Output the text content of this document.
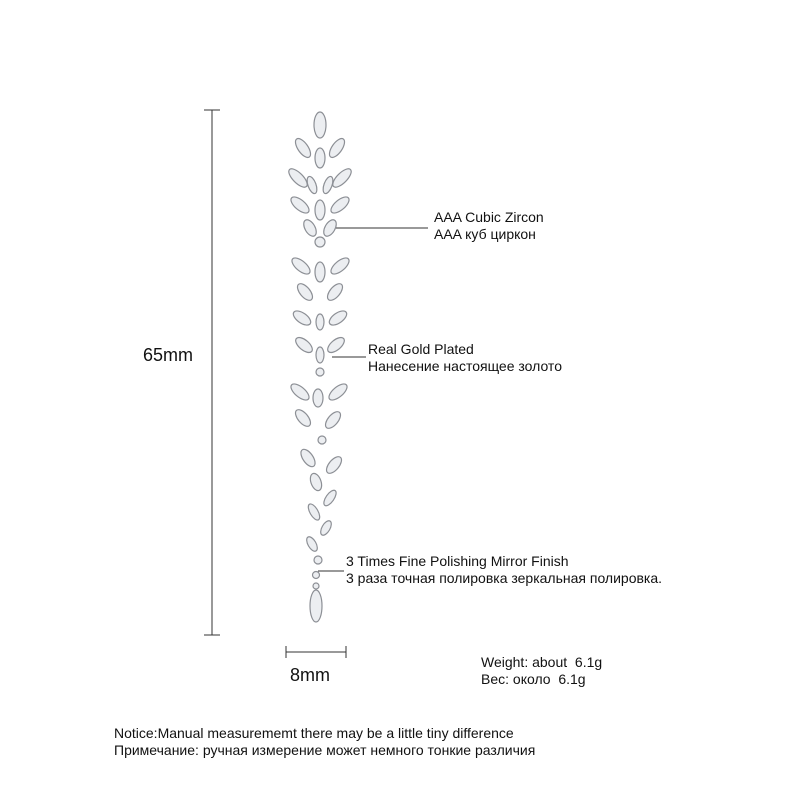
65mm
8mm
AAA Cubic Zircon
AAA куб циркон
Real Gold Plated
Нанесение настоящее золото
3 Times Fine Polishing Mirror Finish
3 раза точная полировка зеркальная полировка.
Weight: about  6.1g
Вес: около  6.1g
Notice:Manual measurememt there may be a little tiny difference
Примечание: ручная измерение может немного тонкие различия
